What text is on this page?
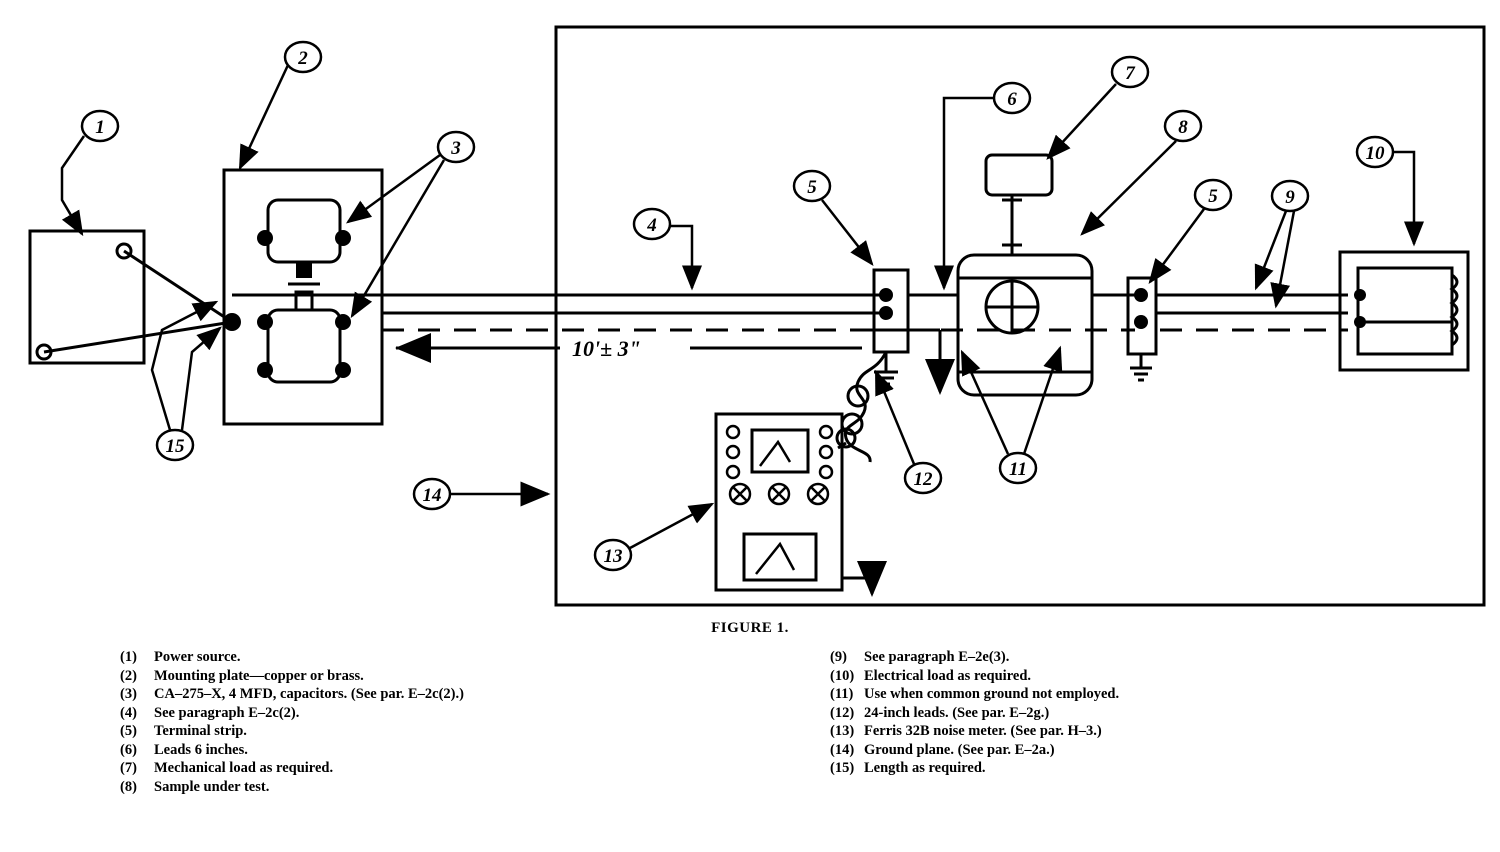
10'± 3"
1
2
3
4
5
6
7
8
5	9
10
11
12
13
14
15
FIGURE 1.
(1)	Power source.
(2)	Mounting plate—copper or brass.
(3)	CA–275–X, 4 MFD, capacitors. (See par. E–2c(2).)
(4)	See paragraph E–2c(2).
(5)	Terminal strip.
(6)	Leads 6 inches.
(7)	Mechanical load as required.
(8)	Sample under test.
(9)	See paragraph E–2e(3).
(10) Electrical load as required.
(11) Use when common ground not employed.
(12) 24-inch leads. (See par. E–2g.)
(13) Ferris 32B noise meter. (See par. H–3.)
(14) Ground plane. (See par. E–2a.)
(15) Length as required.
